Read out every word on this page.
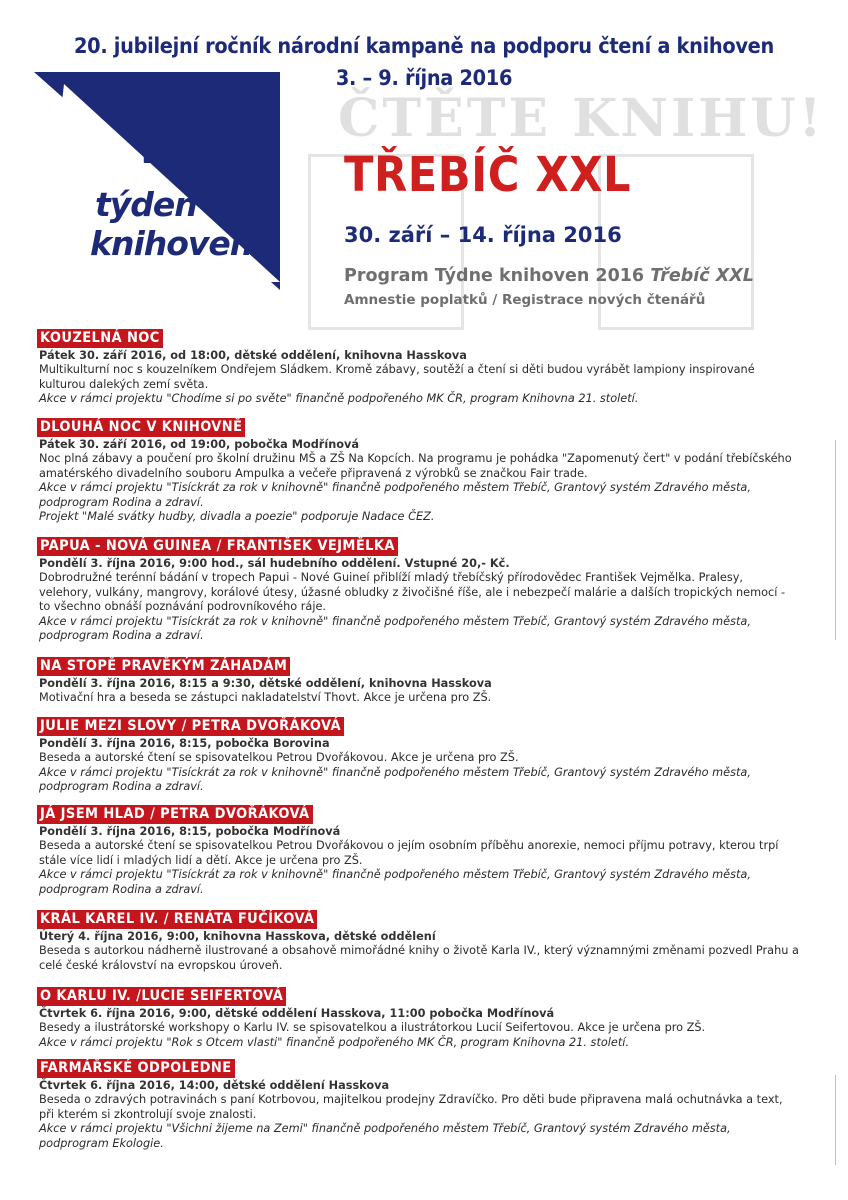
ČTĚTE KNIHU!
20. jubilejní ročník národní kampaně na podporu čtení a knihoven
3. – 9. října 2016
16
týden
knihoven
TŘEBÍČ XXL
30. září – 14. října 2016
Program Týdne knihoven 2016 Třebíč XXL
Amnestie poplatků / Registrace nových čtenářů
KOUZELNÁ NOC
Pátek 30. září 2016, od 18:00, dětské oddělení, knihovna Hasskova
Multikulturní noc s kouzelníkem Ondřejem Sládkem. Kromě zábavy, soutěží a čtení si děti budou vyrábět lampiony inspirované
kulturou dalekých zemí světa.
Akce v rámci projektu "Chodíme si po světe" finančně podpořeného MK ČR, program Knihovna 21. století.
DLOUHÁ NOC V KNIHOVNĚ
Pátek 30. září 2016, od 19:00, pobočka Modřínová
Noc plná zábavy a poučení pro školní družinu MŠ a ZŠ Na Kopcích. Na programu je pohádka "Zapomenutý čert" v podání třebíčského
amatérského divadelního souboru Ampulka a večeře připravená z výrobků se značkou Fair trade.
Akce v rámci projektu "Tisíckrát za rok v knihovně" finančně podpořeného městem Třebíč, Grantový systém Zdravého města,
podprogram Rodina a zdraví.
Projekt "Malé svátky hudby, divadla a poezie" podporuje Nadace ČEZ.
PAPUA - NOVÁ GUINEA / FRANTIŠEK VEJMĚLKA
Pondělí 3. října 2016, 9:00 hod., sál hudebního oddělení. Vstupné 20,- Kč.
Dobrodružné terénní bádání v tropech Papui - Nové Guineí přiblíží mladý třebíčský přírodovědec František Vejmělka. Pralesy,
velehory, vulkány, mangrovy, korálové útesy, úžasné obludky z živočišné říše, ale i nebezpečí malárie a dalších tropických nemocí -
to všechno obnáší poznávání podrovníkového ráje.
Akce v rámci projektu "Tisíckrát za rok v knihovně" finančně podpořeného městem Třebíč, Grantový systém Zdravého města,
podprogram Rodina a zdraví.
NA STOPĚ PRAVĚKÝM ZÁHADÁM
Pondělí 3. října 2016, 8:15 a 9:30, dětské oddělení, knihovna Hasskova
Motivační hra a beseda se zástupci nakladatelství Thovt. Akce je určena pro ZŠ.
JULIE MEZI SLOVY / PETRA DVOŘÁKOVÁ
Pondělí 3. října 2016, 8:15, pobočka Borovina
Beseda a autorské čtení se spisovatelkou Petrou Dvořákovou. Akce je určena pro ZŠ.
Akce v rámci projektu "Tisíckrát za rok v knihovně" finančně podpořeného městem Třebíč, Grantový systém Zdravého města,
podprogram Rodina a zdraví.
JÁ JSEM HLAD / PETRA DVOŘÁKOVÁ
Pondělí 3. října 2016, 8:15, pobočka Modřínová
Beseda a autorské čtení se spisovatelkou Petrou Dvořákovou o jejím osobním příběhu anorexie, nemoci příjmu potravy, kterou trpí
stále více lidí i mladých lidí a dětí. Akce je určena pro ZŠ.
Akce v rámci projektu "Tisíckrát za rok v knihovně" finančně podpořeného městem Třebíč, Grantový systém Zdravého města,
podprogram Rodina a zdraví.
KRÁL KAREL IV. / RENÁTA FUČÍKOVÁ
Úterý 4. října 2016, 9:00, knihovna Hasskova, dětské oddělení
Beseda s autorkou nádherně ilustrované a obsahově mimořádné knihy o životě Karla IV., který významnými změnami pozvedl Prahu a
celé české království na evropskou úroveň.
O KARLU IV. /LUCIE SEIFERTOVÁ
Čtvrtek 6. října 2016, 9:00, dětské oddělení Hasskova, 11:00 pobočka Modřínová
Besedy a ilustrátorské workshopy o Karlu IV. se spisovatelkou a ilustrátorkou Lucií Seifertovou. Akce je určena pro ZŠ.
Akce v rámci projektu "Rok s Otcem vlasti" finančně podpořeného MK ČR, program Knihovna 21. století.
FARMÁŘSKÉ ODPOLEDNE
Čtvrtek 6. října 2016, 14:00, dětské oddělení Hasskova
Beseda o zdravých potravinách s paní Kotrbovou, majitelkou prodejny Zdravíčko. Pro děti bude připravena malá ochutnávka a text,
při kterém si zkontrolují svoje znalosti.
Akce v rámci projektu "Všichni žijeme na Zemi" finančně podpořeného městem Třebíč, Grantový systém Zdravého města,
podprogram Ekologie.
